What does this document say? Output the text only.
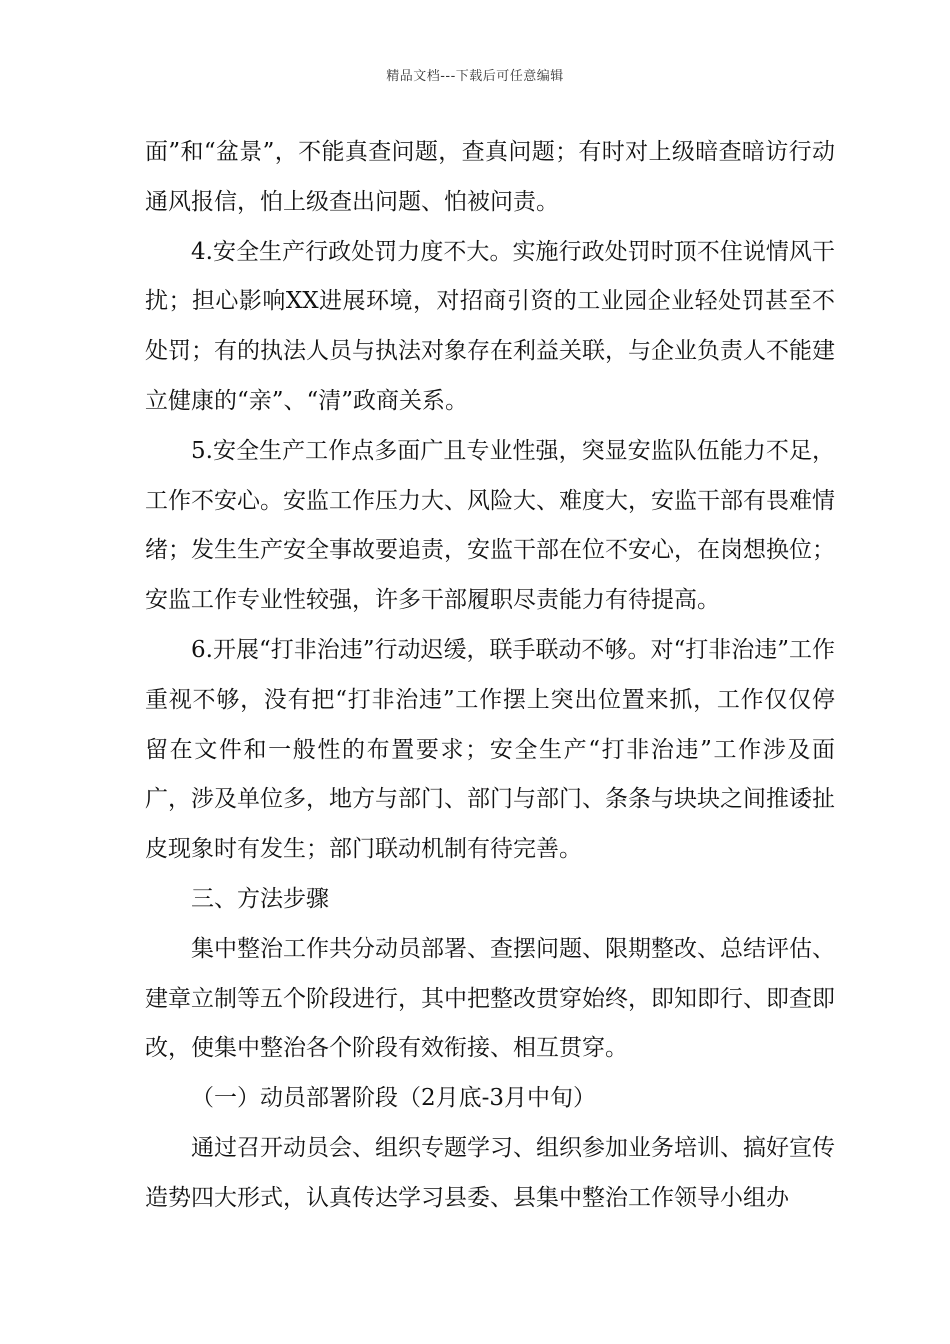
精品文档---下载后可任意编辑

面”和“盆景”，不能真查问题，查真问题；有时对上级暗查暗访行动通风报信，怕上级查出问题、怕被问责。

4.安全生产行政处罚力度不大。实施行政处罚时顶不住说情风干扰；担心影响XX进展环境，对招商引资的工业园企业轻处罚甚至不处罚；有的执法人员与执法对象存在利益关联，与企业负责人不能建立健康的“亲”、“清”政商关系。

5.安全生产工作点多面广且专业性强，突显安监队伍能力不足，工作不安心。安监工作压力大、风险大、难度大，安监干部有畏难情绪；发生生产安全事故要追责，安监干部在位不安心，在岗想换位；安监工作专业性较强，许多干部履职尽责能力有待提高。

6.开展“打非治违”行动迟缓，联手联动不够。对“打非治违”工作重视不够，没有把“打非治违”工作摆上突出位置来抓，工作仅仅停留在文件和一般性的布置要求；安全生产“打非治违”工作涉及面广，涉及单位多，地方与部门、部门与部门、条条与块块之间推诿扯皮现象时有发生；部门联动机制有待完善。

三、方法步骤

集中整治工作共分动员部署、查摆问题、限期整改、总结评估、建章立制等五个阶段进行，其中把整改贯穿始终，即知即行、即查即改，使集中整治各个阶段有效衔接、相互贯穿。

（一）动员部署阶段（2月底-3月中旬）

通过召开动员会、组织专题学习、组织参加业务培训、搞好宣传造势四大形式，认真传达学习县委、县集中整治工作领导小组办
